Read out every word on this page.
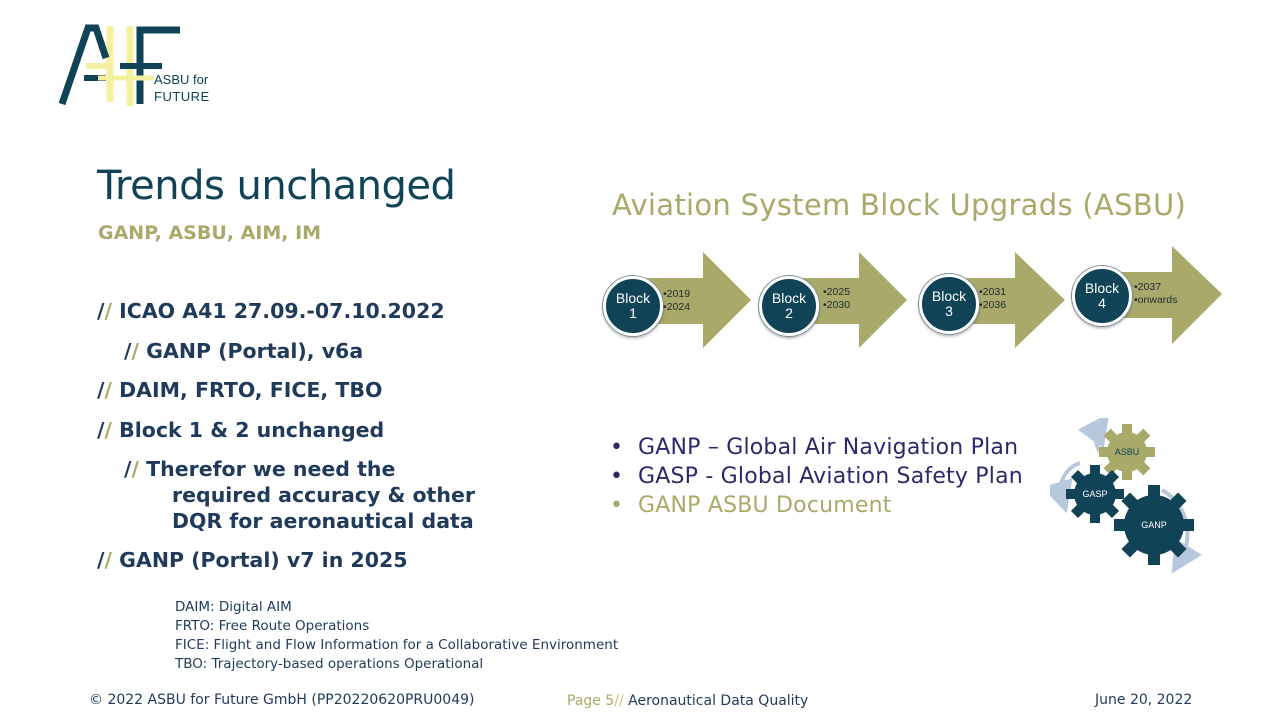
ASBU for
FUTURE
Trends unchanged
GANP, ASBU, AIM, IM
// ICAO A41 27.09.-07.10.2022
// GANP (Portal), v6a
// DAIM, FRTO, FICE, TBO
// Block 1 & 2 unchanged
// Therefor we need the
required accuracy & other
DQR for aeronautical data
// GANP (Portal) v7 in 2025
DAIM: Digital AIM
FRTO: Free Route Operations
FICE: Flight and Flow Information for a Collaborative Environment
TBO: Trajectory-based operations Operational
Aviation System Block Upgrads (ASBU)
Block
1
•2019
•2024
Block
2
•2025
•2030
Block
3
•2031
•2036
Block
4
•2037
•onwards
• GANP – Global Air Navigation Plan
• GASP - Global Aviation Safety Plan
• GANP ASBU Document
ASBU
GASP
GANP
© 2022 ASBU for Future GmbH (PP20220620PRU0049)	Page 5// Aeronautical Data Quality	June 20, 2022
